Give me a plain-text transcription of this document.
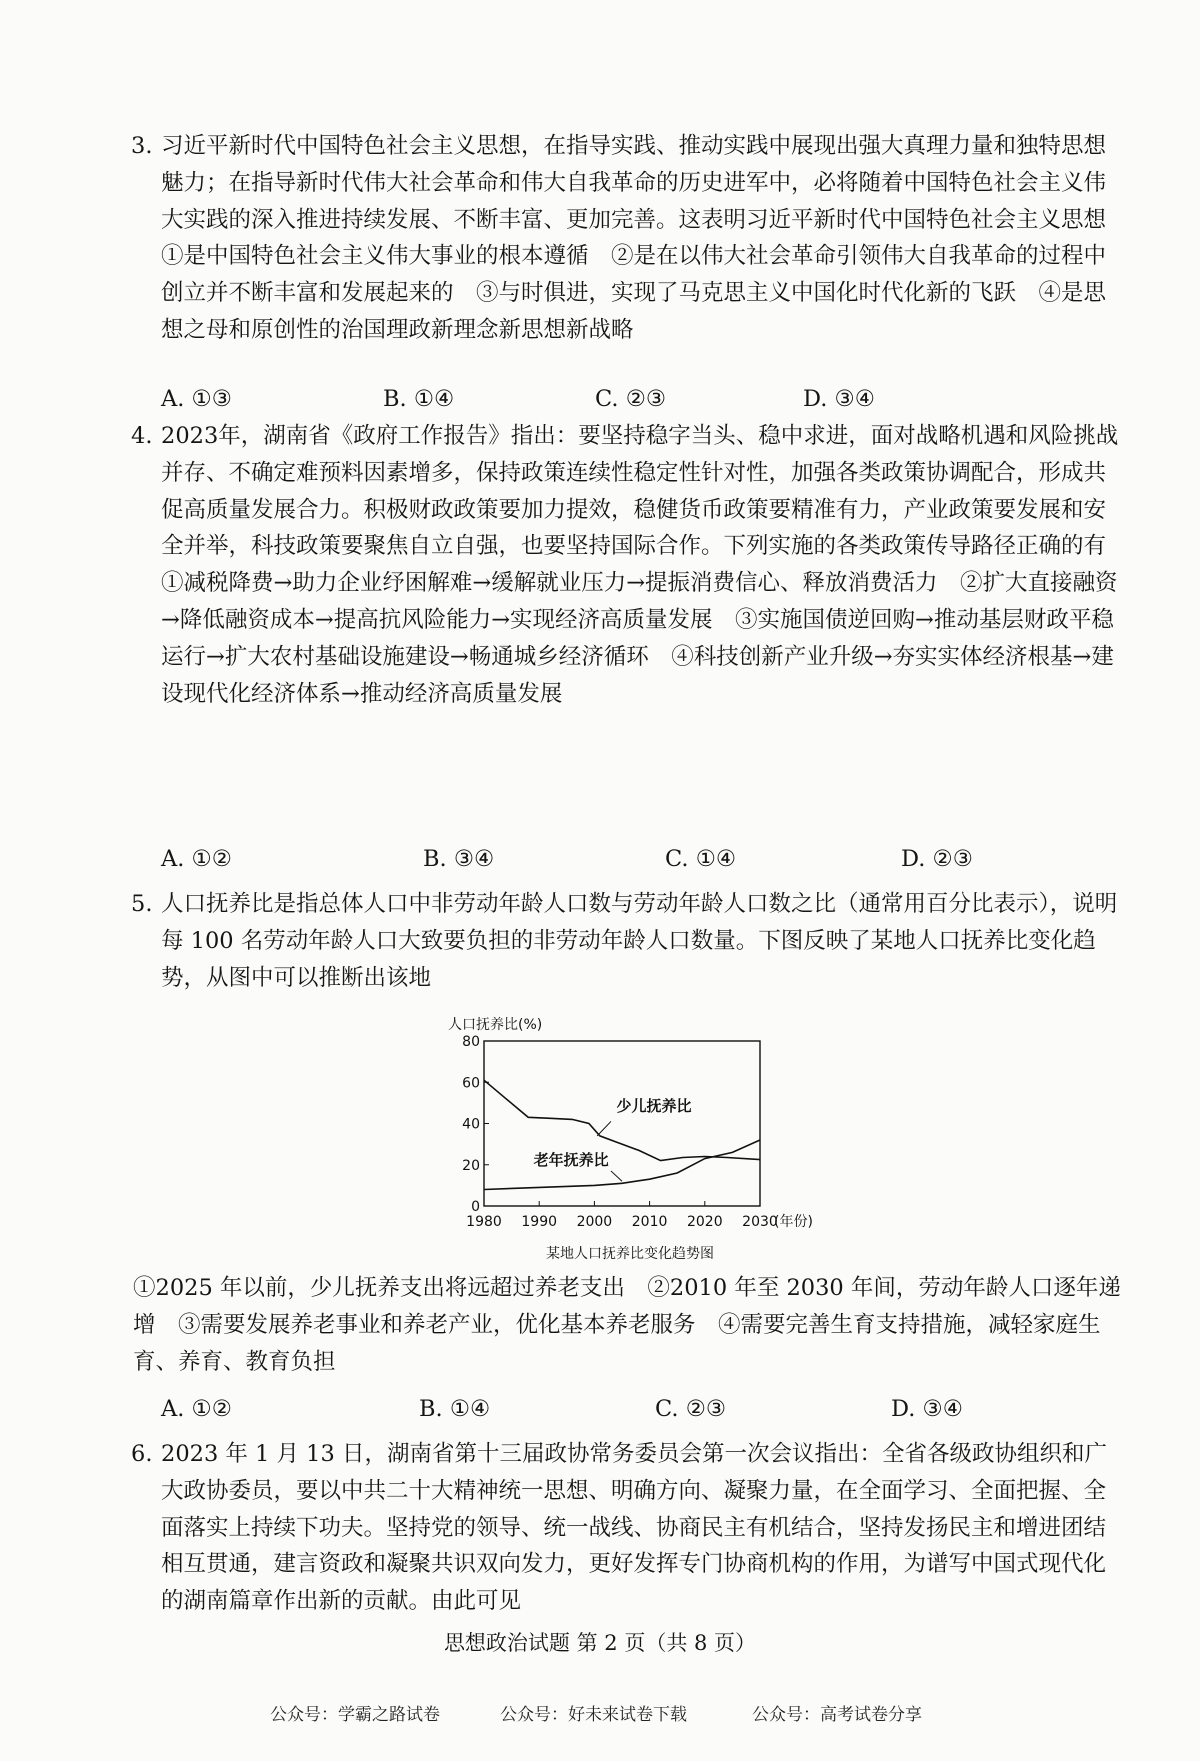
3. 习近平新时代中国特色社会主义思想，在指导实践、推动实践中展现出强大真理力量和独特思想魅力；在指导新时代伟大社会革命和伟大自我革命的历史进军中，必将随着中国特色社会主义伟大实践的深入推进持续发展、不断丰富、更加完善。这表明习近平新时代中国特色社会主义思想
①是中国特色社会主义伟大事业的根本遵循　②是在以伟大社会革命引领伟大自我革命的过程中创立并不断丰富和发展起来的　③与时俱进，实现了马克思主义中国化时代化新的飞跃　④是思想之母和原创性的治国理政新理念新思想新战略
A. ①③	B. ①④	C. ②③	D. ③④
4. 2023年，湖南省《政府工作报告》指出：要坚持稳字当头、稳中求进，面对战略机遇和风险挑战并存、不确定难预料因素增多，保持政策连续性稳定性针对性，加强各类政策协调配合，形成共促高质量发展合力。积极财政政策要加力提效，稳健货币政策要精准有力，产业政策要发展和安全并举，科技政策要聚焦自立自强，也要坚持国际合作。下列实施的各类政策传导路径正确的有
①减税降费→助力企业纾困解难→缓解就业压力→提振消费信心、释放消费活力　②扩大直接融资→降低融资成本→提高抗风险能力→实现经济高质量发展　③实施国债逆回购→推动基层财政平稳运行→扩大农村基础设施建设→畅通城乡经济循环　④科技创新产业升级→夯实实体经济根基→建设现代化经济体系→推动经济高质量发展
A. ①②	B. ③④	C. ①④	D. ②③
5. 人口抚养比是指总体人口中非劳动年龄人口数与劳动年龄人口数之比（通常用百分比表示），说明每 100 名劳动年龄人口大致要负担的非劳动年龄人口数量。下图反映了某地人口抚养比变化趋势，从图中可以推断出该地
人口抚养比(%)
某地人口抚养比变化趋势图
0
20
40
60
80
1980 1990 2000 2010 2020 2030
(年份)
少儿抚养比
老年抚养比
①2025 年以前，少儿抚养支出将远超过养老支出　②2010 年至 2030 年间，劳动年龄人口逐年递增　③需要发展养老事业和养老产业，优化基本养老服务　④需要完善生育支持措施，减轻家庭生育、养育、教育负担
A. ①②	B. ①④	C. ②③	D. ③④
6. 2023 年 1 月 13 日，湖南省第十三届政协常务委员会第一次会议指出：全省各级政协组织和广大政协委员，要以中共二十大精神统一思想、明确方向、凝聚力量，在全面学习、全面把握、全面落实上持续下功夫。坚持党的领导、统一战线、协商民主有机结合，坚持发扬民主和增进团结相互贯通，建言资政和凝聚共识双向发力，更好发挥专门协商机构的作用，为谱写中国式现代化的湖南篇章作出新的贡献。由此可见
思想政治试题 第 2 页（共 8 页）
公众号：学霸之路试卷	公众号：好未来试卷下载	公众号：高考试卷分享
